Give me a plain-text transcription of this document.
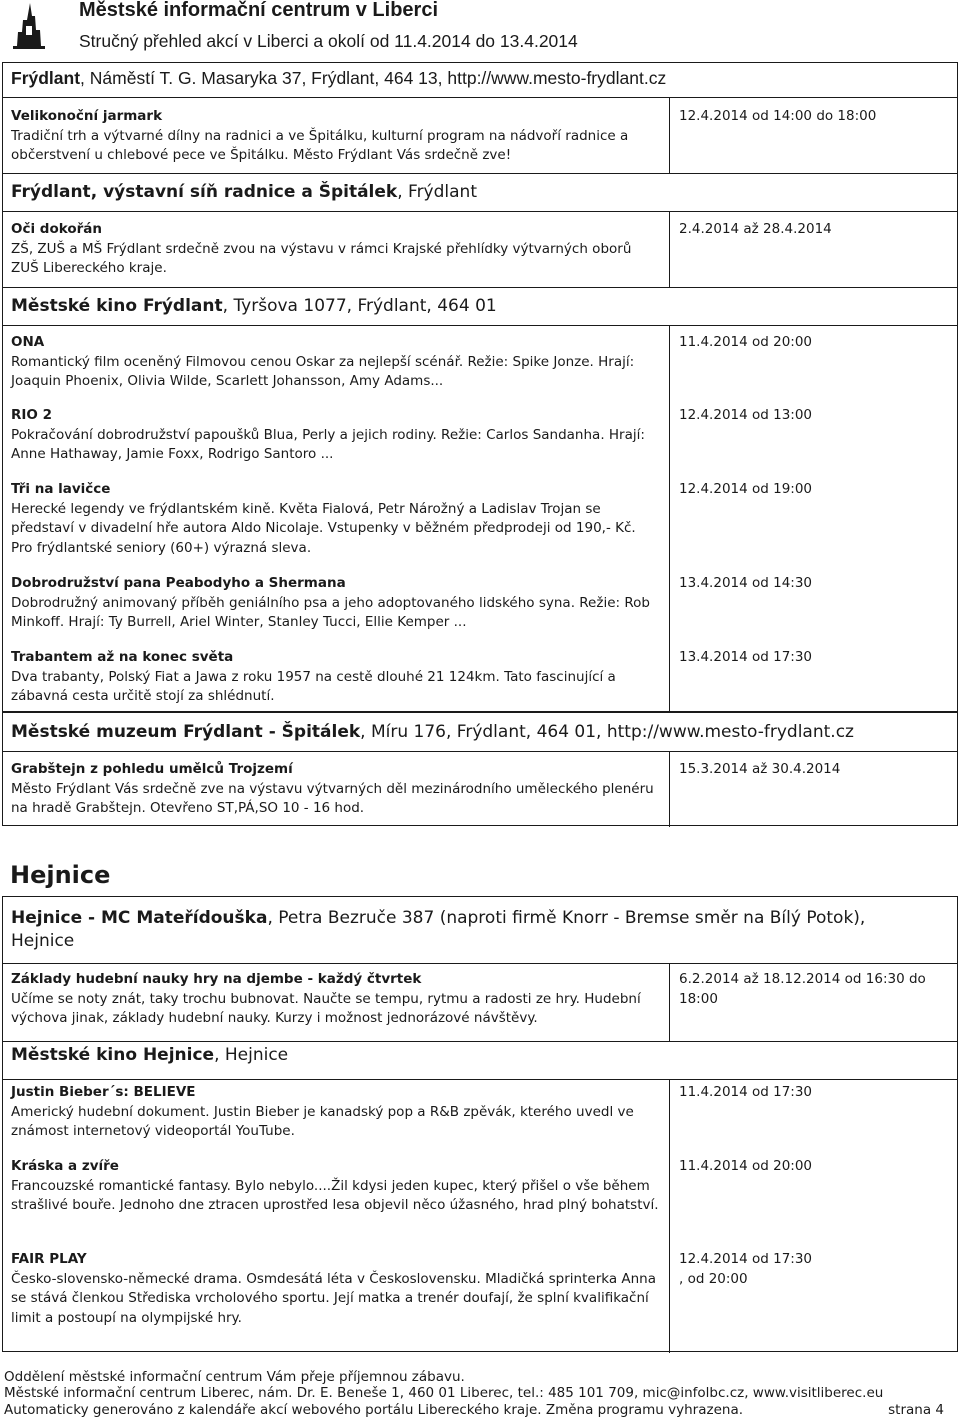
Městské informační centrum v Liberci
Stručný přehled akcí v Liberci a okolí od 11.4.2014 do 13.4.2014
Frýdlant, Náměstí T. G. Masaryka 37, Frýdlant, 464 13, http://www.mesto-frydlant.cz
Velikonoční jarmark
Tradiční trh a výtvarné dílny na radnici a ve Špitálku, kulturní program na nádvoří radnice a občerstvení u chlebové pece ve Špitálku. Město Frýdlant Vás srdečně zve!
12.4.2014 od 14:00 do 18:00
Frýdlant, výstavní síň radnice a Špitálek, Frýdlant
Oči dokořán
ZŠ, ZUŠ a MŠ Frýdlant srdečně zvou na výstavu v rámci Krajské přehlídky výtvarných oborů ZUŠ Libereckého kraje.
2.4.2014 až 28.4.2014
Městské kino Frýdlant, Tyršova 1077, Frýdlant, 464 01
ONA
Romantický film oceněný Filmovou cenou Oskar za nejlepší scénář. Režie: Spike Jonze. Hrají: Joaquin Phoenix, Olivia Wilde, Scarlett Johansson, Amy Adams...
11.4.2014 od 20:00
RIO 2
Pokračování dobrodružství papoušků Blua, Perly a jejich rodiny. Režie: Carlos Sandanha. Hrají: Anne Hathaway, Jamie Foxx, Rodrigo Santoro ...
12.4.2014 od 13:00
Tři na lavičce
Herecké legendy ve frýdlantském kině. Květa Fialová, Petr Nárožný a Ladislav Trojan se představí v divadelní hře autora Aldo Nicolaje. Vstupenky v běžném předprodeji od 190,- Kč. Pro frýdlantské seniory (60+) výrazná sleva.
12.4.2014 od 19:00
Dobrodružství pana Peabodyho a Shermana
Dobrodružný animovaný příběh geniálního psa a jeho adoptovaného lidského syna. Režie: Rob Minkoff. Hrají: Ty Burrell, Ariel Winter, Stanley Tucci, Ellie Kemper ...
13.4.2014 od 14:30
Trabantem až na konec světa
Dva trabanty, Polský Fiat a Jawa z roku 1957 na cestě dlouhé 21 124km. Tato fascinující a zábavná cesta určitě stojí za shlédnutí.
13.4.2014 od 17:30
Městské muzeum Frýdlant - Špitálek, Míru 176, Frýdlant, 464 01, http://www.mesto-frydlant.cz
Grabštejn z pohledu umělců Trojzemí
Město Frýdlant Vás srdečně zve na výstavu výtvarných děl mezinárodního uměleckého plenéru na hradě Grabštejn. Otevřeno ST,PÁ,SO 10 - 16 hod.
15.3.2014 až 30.4.2014
Hejnice
Hejnice - MC Mateřídouška, Petra Bezruče 387 (naproti firmě Knorr - Bremse směr na Bílý Potok), Hejnice
Základy hudební nauky hry na djembe - každý čtvrtek
Učíme se noty znát, taky trochu bubnovat. Naučte se tempu, rytmu a radosti ze hry. Hudební výchova jinak, základy hudební nauky. Kurzy i možnost jednorázové návštěvy.
6.2.2014 až 18.12.2014 od 16:30 do 18:00
Městské kino Hejnice, Hejnice
Justin Bieber´s: BELIEVE
Americký hudební dokument. Justin Bieber je kanadský pop a R&B zpěvák, kterého uvedl ve známost internetový videoportál YouTube.
11.4.2014 od 17:30
Kráska a zvíře
Francouzské romantické fantasy. Bylo nebylo....Žil kdysi jeden kupec, který přišel o vše během strašlivé bouře. Jednoho dne ztracen uprostřed lesa objevil něco úžasného, hrad plný bohatství.
11.4.2014 od 20:00
FAIR PLAY
Česko-slovensko-německé drama. Osmdesátá léta v Československu. Mladičká sprinterka Anna se stává členkou Střediska vrcholového sportu. Její matka a trenér doufají, že splní kvalifikační limit a postoupí na olympijské hry.
12.4.2014 od 17:30
, od 20:00
Oddělení městské informační centrum Vám přeje příjemnou zábavu.
Městské informační centrum Liberec, nám. Dr. E. Beneše 1, 460 01 Liberec, tel.: 485 101 709, mic@infolbc.cz, www.visitliberec.eu
Automaticky generováno z kalendáře akcí webového portálu Libereckého kraje. Změna programu vyhrazena.	strana 4
